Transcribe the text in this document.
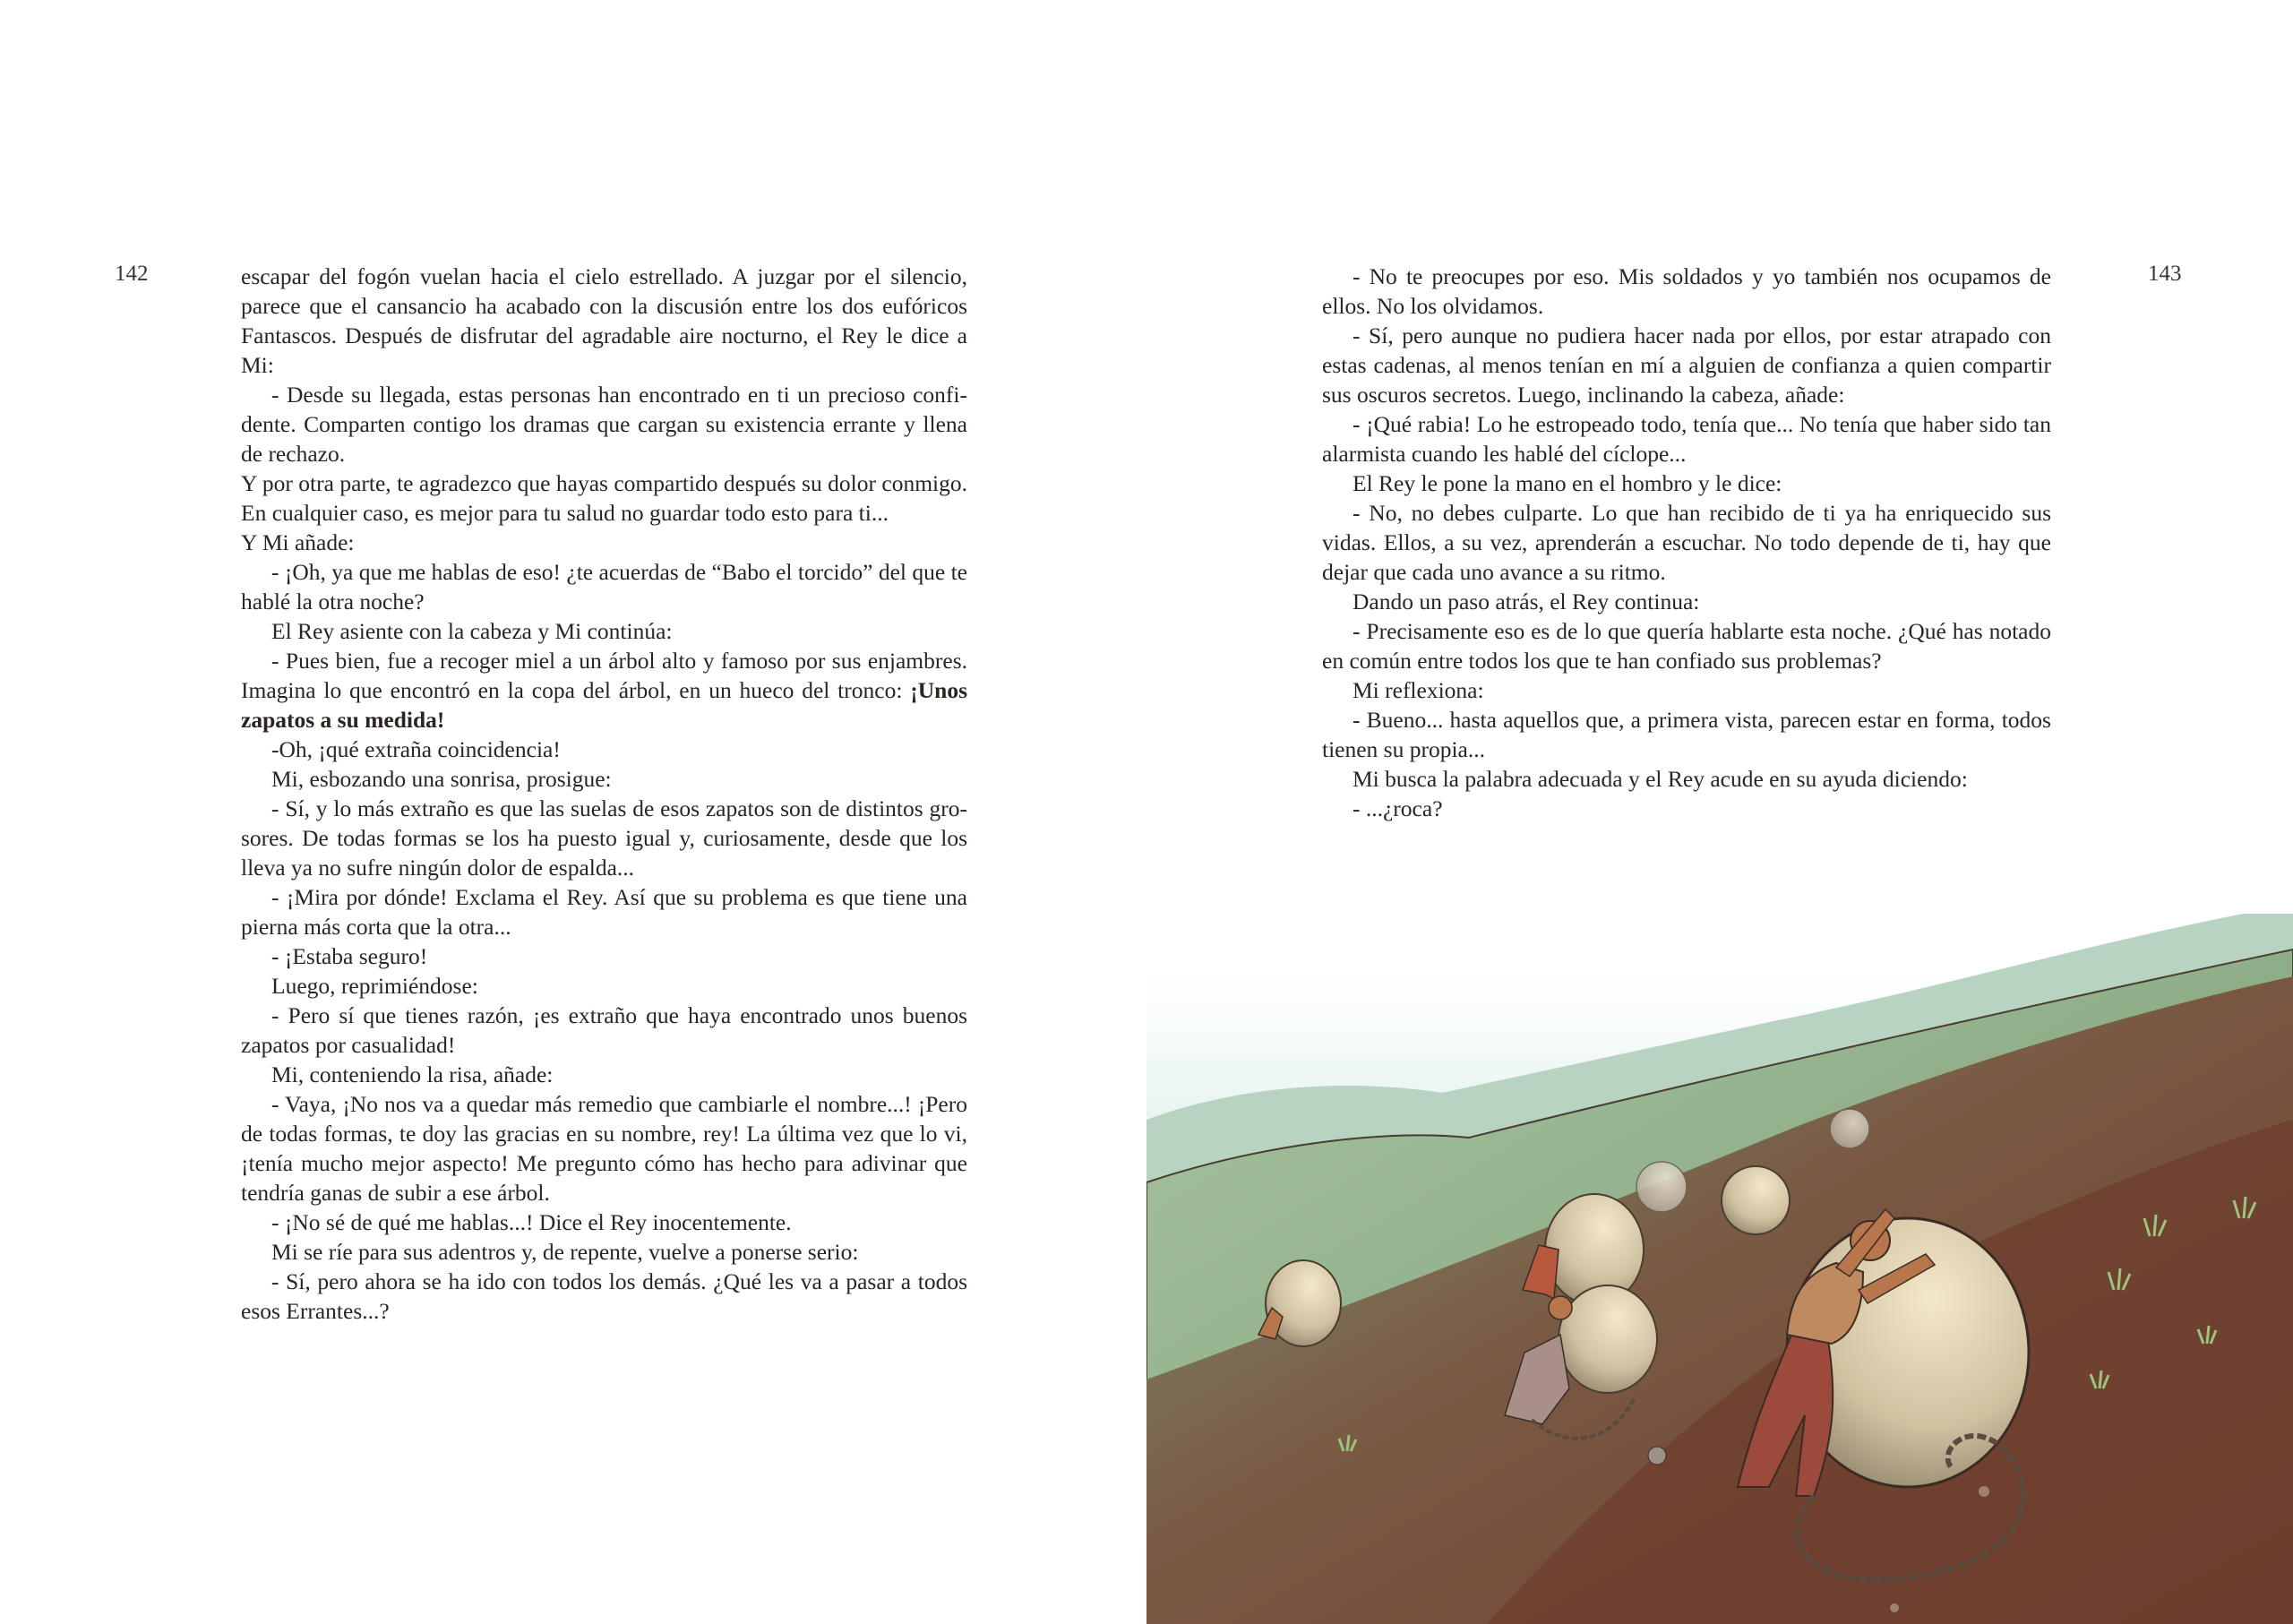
142	escapar del fogón vuelan hacia el cielo estrellado. A juzgar por el silencio, parece que el cansancio ha acabado con la discusión entre los dos eufóricos Fantascos. Después de disfrutar del agradable aire nocturno, el Rey le dice a Mi:

- Desde su llegada, estas personas han encontrado en ti un precioso confidente. Comparten contigo los dramas que cargan su existencia errante y llena de rechazo.

Y por otra parte, te agradezco que hayas compartido después su dolor conmigo. En cualquier caso, es mejor para tu salud no guardar todo esto para ti...

Y Mi añade:

- ¡Oh, ya que me hablas de eso! ¿te acuerdas de “Babo el torcido” del que te hablé la otra noche?

El Rey asiente con la cabeza y Mi continúa:

- Pues bien, fue a recoger miel a un árbol alto y famoso por sus enjambres. Imagina lo que encontró en la copa del árbol, en un hueco del tronco: ¡Unos zapatos a su medida!

-Oh, ¡qué extraña coincidencia!

Mi, esbozando una sonrisa, prosigue:

- Sí, y lo más extraño es que las suelas de esos zapatos son de distintos grosores. De todas formas se los ha puesto igual y, curiosamente, desde que los lleva ya no sufre ningún dolor de espalda...

- ¡Mira por dónde! Exclama el Rey. Así que su problema es que tiene una pierna más corta que la otra...

- ¡Estaba seguro!

Luego, reprimiéndose:

- Pero sí que tienes razón, ¡es extraño que haya encontrado unos buenos zapatos por casualidad!

Mi, conteniendo la risa, añade:

- Vaya, ¡No nos va a quedar más remedio que cambiarle el nombre...! ¡Pero de todas formas, te doy las gracias en su nombre, rey! La última vez que lo vi, ¡tenía mucho mejor aspecto! Me pregunto cómo has hecho para adivinar que tendría ganas de subir a ese árbol.

- ¡No sé de qué me hablas...! Dice el Rey inocentemente.

Mi se ríe para sus adentros y, de repente, vuelve a ponerse serio:

- Sí, pero ahora se ha ido con todos los demás. ¿Qué les va a pasar a todos esos Errantes...?

143

- No te preocupes por eso. Mis soldados y yo también nos ocupamos de ellos. No los olvidamos.

- Sí, pero aunque no pudiera hacer nada por ellos, por estar atrapado con estas cadenas, al menos tenían en mí a alguien de confianza a quien compartir sus oscuros secretos. Luego, inclinando la cabeza, añade:

- ¡Qué rabia! Lo he estropeado todo, tenía que... No tenía que haber sido tan alarmista cuando les hablé del cíclope...

El Rey le pone la mano en el hombro y le dice:

- No, no debes culparte. Lo que han recibido de ti ya ha enriquecido sus vidas. Ellos, a su vez, aprenderán a escuchar. No todo depende de ti, hay que dejar que cada uno avance a su ritmo.

Dando un paso atrás, el Rey continua:

- Precisamente eso es de lo que quería hablarte esta noche. ¿Qué has notado en común entre todos los que te han confiado sus problemas?

Mi reflexiona:

- Bueno... hasta aquellos que, a primera vista, parecen estar en forma, todos tienen su propia...

Mi busca la palabra adecuada y el Rey acude en su ayuda diciendo:

- ...¿roca?
